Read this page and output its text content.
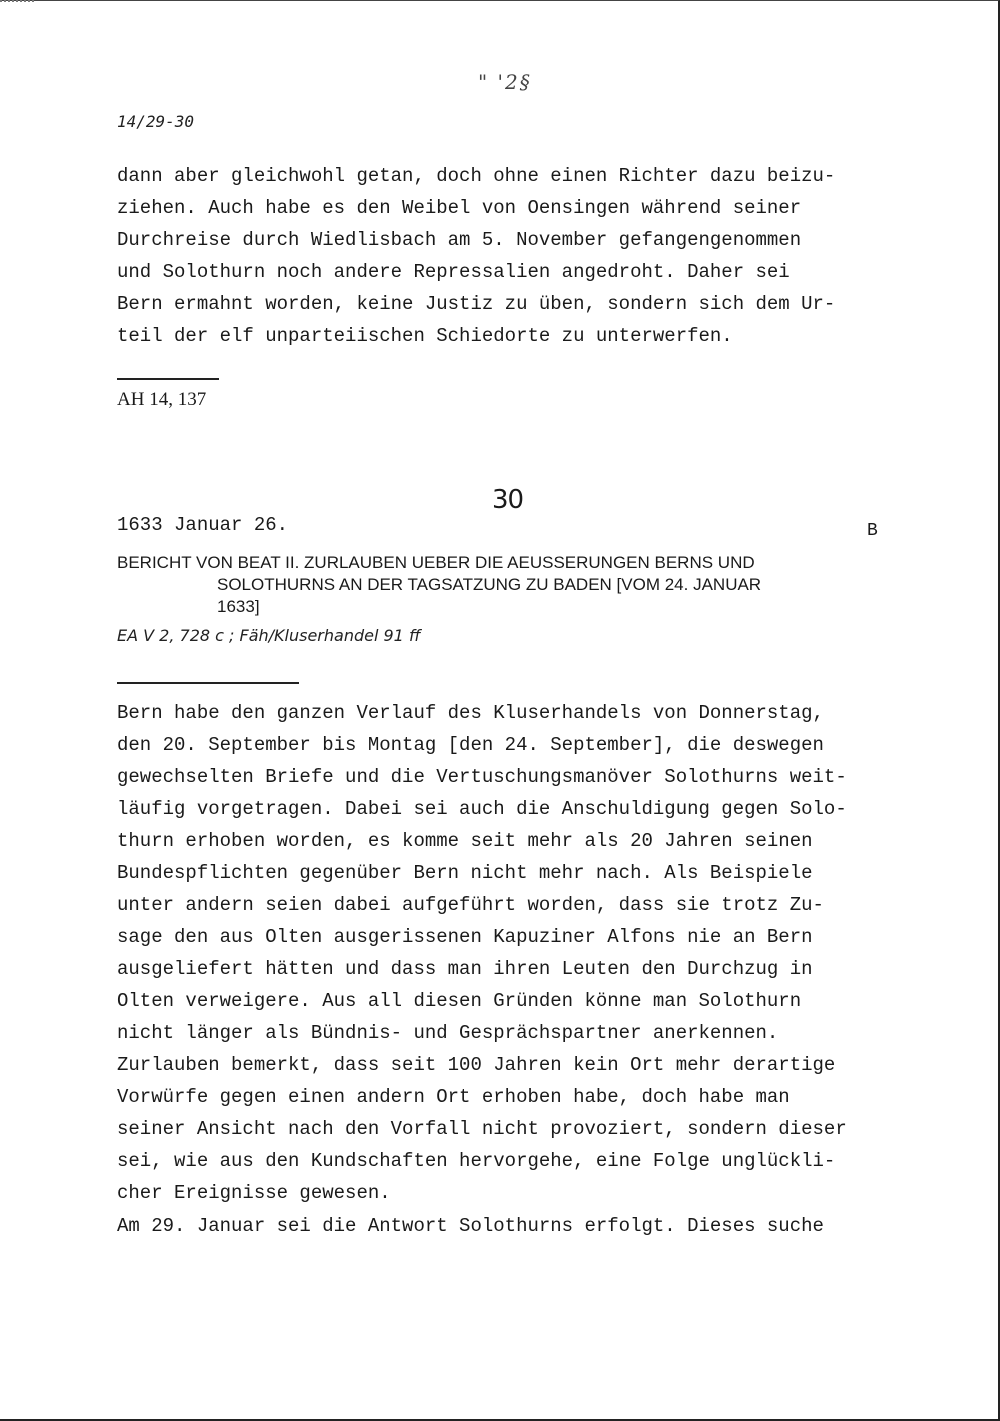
" '2§
14/29-30

dann aber gleichwohl getan, doch ohne einen Richter dazu beizu-
ziehen. Auch habe es den Weibel von Oensingen während seiner
Durchreise durch Wiedlisbach am 5. November gefangengenommen
und Solothurn noch andere Repressalien angedroht. Daher sei
Bern ermahnt worden, keine Justiz zu üben, sondern sich dem Ur-
teil der elf unparteiischen Schiedorte zu unterwerfen.

AH 14, 137
30
1633 Januar 26.	B
BERICHT VON BEAT II. ZURLAUBEN UEBER DIE AEUSSERUNGEN BERNS UND
SOLOTHURNS AN DER TAGSATZUNG ZU BADEN [VOM 24. JANUAR
1633]
EA V 2, 728 c ; Fäh/Kluserhandel 91 ff

Bern habe den ganzen Verlauf des Kluserhandels von Donnerstag,
den 20. September bis Montag [den 24. September], die deswegen
gewechselten Briefe und die Vertuschungsmanöver Solothurns weit-
läufig vorgetragen. Dabei sei auch die Anschuldigung gegen Solo-
thurn erhoben worden, es komme seit mehr als 20 Jahren seinen
Bundespflichten gegenüber Bern nicht mehr nach. Als Beispiele
unter andern seien dabei aufgeführt worden, dass sie trotz Zu-
sage den aus Olten ausgerissenen Kapuziner Alfons nie an Bern
ausgeliefert hätten und dass man ihren Leuten den Durchzug in
Olten verweigere. Aus all diesen Gründen könne man Solothurn
nicht länger als Bündnis- und Gesprächspartner anerkennen.
Zurlauben bemerkt, dass seit 100 Jahren kein Ort mehr derartige
Vorwürfe gegen einen andern Ort erhoben habe, doch habe man
seiner Ansicht nach den Vorfall nicht provoziert, sondern dieser
sei, wie aus den Kundschaften hervorgehe, eine Folge unglückli-
cher Ereignisse gewesen.

Am 29. Januar sei die Antwort Solothurns erfolgt. Dieses suche
